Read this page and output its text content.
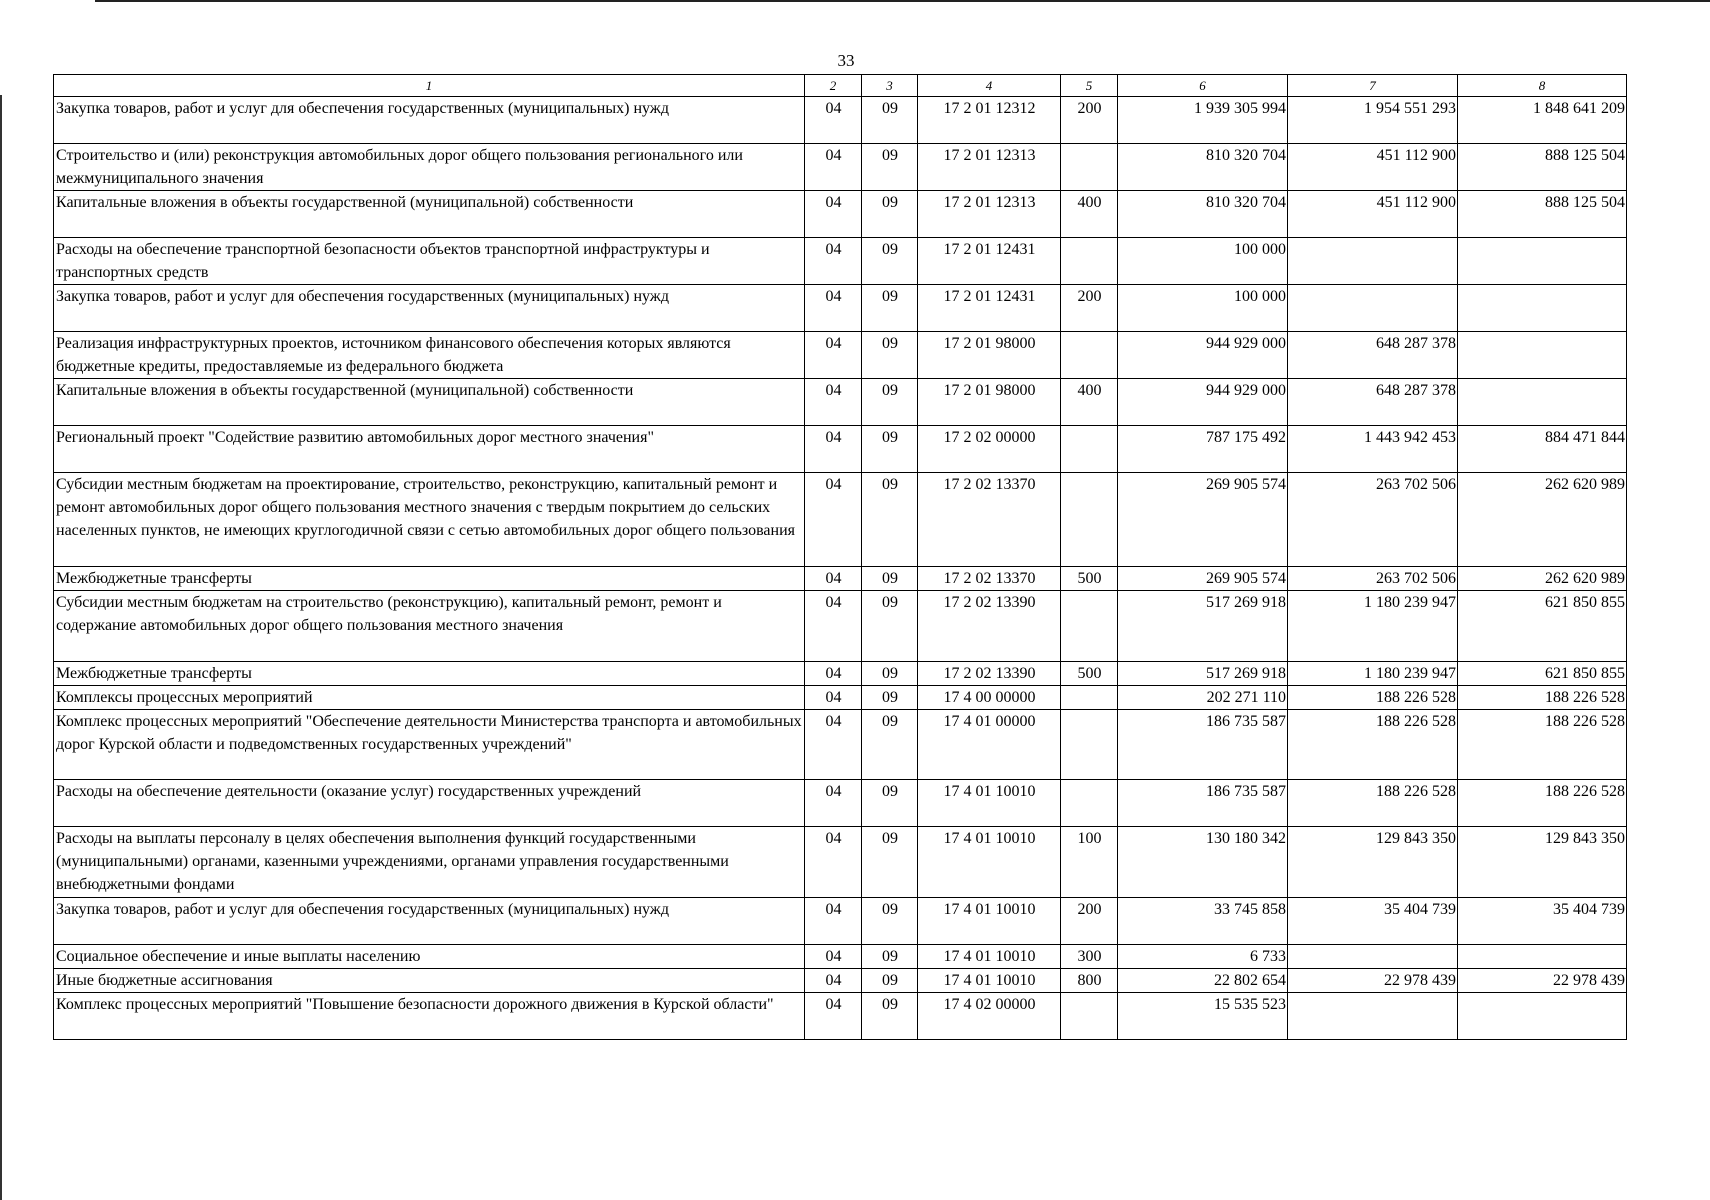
33
1	2	3	4	5	6	7	8
Закупка товаров, работ и услуг для обеспечения государственных (муниципальных) нужд	04	09	17 2 01 12312	200	1 939 305 994	1 954 551 293	1 848 641 209
Строительство и (или) реконструкция автомобильных дорог общего пользования регионального или межмуниципального значения	04	09	17 2 01 12313		810 320 704	451 112 900	888 125 504
Капитальные вложения в объекты государственной (муниципальной) собственности	04	09	17 2 01 12313	400	810 320 704	451 112 900	888 125 504
Расходы на обеспечение транспортной безопасности объектов транспортной инфраструктуры и транспортных средств	04	09	17 2 01 12431		100 000		
Закупка товаров, работ и услуг для обеспечения государственных (муниципальных) нужд	04	09	17 2 01 12431	200	100 000		
Реализация инфраструктурных проектов, источником финансового обеспечения которых являются бюджетные кредиты, предоставляемые из федерального бюджета	04	09	17 2 01 98000		944 929 000	648 287 378	
Капитальные вложения в объекты государственной (муниципальной) собственности	04	09	17 2 01 98000	400	944 929 000	648 287 378	
Региональный проект "Содействие развитию автомобильных дорог местного значения"	04	09	17 2 02 00000		787 175 492	1 443 942 453	884 471 844
Субсидии местным бюджетам на проектирование, строительство, реконструкцию, капитальный ремонт и ремонт автомобильных дорог общего пользования местного значения с твердым покрытием до сельских населенных пунктов, не имеющих круглогодичной связи с сетью автомобильных дорог общего пользования	04	09	17 2 02 13370		269 905 574	263 702 506	262 620 989
Межбюджетные трансферты	04	09	17 2 02 13370	500	269 905 574	263 702 506	262 620 989
Субсидии местным бюджетам на строительство (реконструкцию), капитальный ремонт, ремонт и содержание автомобильных дорог общего пользования местного значения	04	09	17 2 02 13390		517 269 918	1 180 239 947	621 850 855
Межбюджетные трансферты	04	09	17 2 02 13390	500	517 269 918	1 180 239 947	621 850 855
Комплексы процессных мероприятий	04	09	17 4 00 00000		202 271 110	188 226 528	188 226 528
Комплекс процессных мероприятий "Обеспечение деятельности Министерства транспорта и автомобильных дорог Курской области и подведомственных государственных учреждений"	04	09	17 4 01 00000		186 735 587	188 226 528	188 226 528
Расходы на обеспечение деятельности (оказание услуг) государственных учреждений	04	09	17 4 01 10010		186 735 587	188 226 528	188 226 528
Расходы на выплаты персоналу в целях обеспечения выполнения функций государственными (муниципальными) органами, казенными учреждениями, органами управления государственными внебюджетными фондами	04	09	17 4 01 10010	100	130 180 342	129 843 350	129 843 350
Закупка товаров, работ и услуг для обеспечения государственных (муниципальных) нужд	04	09	17 4 01 10010	200	33 745 858	35 404 739	35 404 739
Социальное обеспечение и иные выплаты населению	04	09	17 4 01 10010	300	6 733		
Иные бюджетные ассигнования	04	09	17 4 01 10010	800	22 802 654	22 978 439	22 978 439
Комплекс процессных мероприятий "Повышение безопасности дорожного движения в Курской области"	04	09	17 4 02 00000		15 535 523		
